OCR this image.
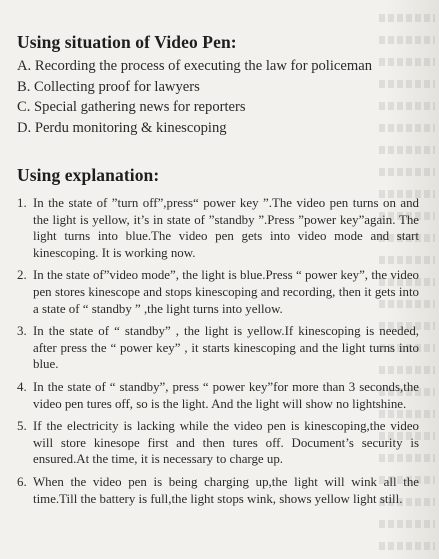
Using situation of Video Pen:
A. Recording the process of executing the law for policeman
B. Collecting proof for lawyers
C. Special gathering news for reporters
D. Perdu monitoring & kinescoping
Using explanation:
1. In the state of ”turn off”,press“ power key ”.The video pen turns on and the light is yellow, it’s in state of ”standby ”.Press ”power key”again. The light turns into blue.The video pen gets into video mode and start kinescoping. It is working now.
2. In the state of”video mode”, the light is blue.Press “ power key”, the video pen stores kinescope and stops kinescoping and recording, then it gets into a state of “ standby ” ,the light turns into yellow.
3. In the state of “ standby” , the light is yellow.If kinescoping is needed, after press the “ power key” , it starts kinescoping and the light turns into blue.
4. In the state of “ standby”, press “ power key”for more than 3 seconds,the video pen tures off, so is the light. And the light will show no lightshine.
5. If the electricity is lacking while the video pen is kinescoping,the video will store kinesope first and then tures off. Document’s security is ensured.At the time, it is necessary to charge up.
6. When the video pen is being charging up,the light will wink all the time.Till the battery is full,the light stops wink, shows yellow light still.
